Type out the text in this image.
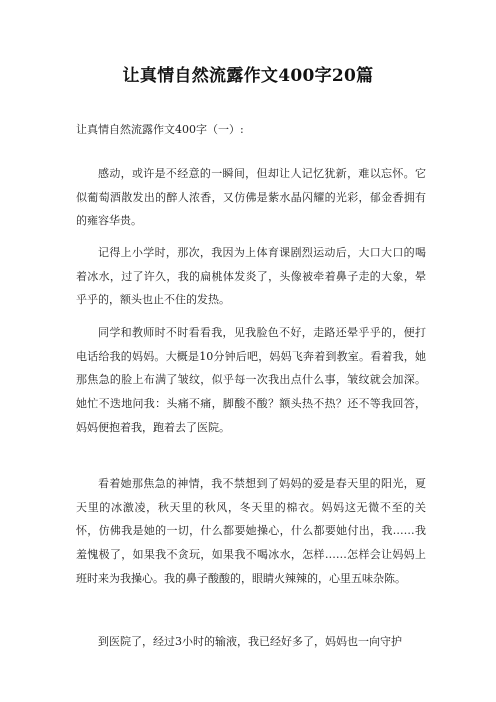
让真情自然流露作文400字20篇
让真情自然流露作文400字（一）:

感动，或许是不经意的一瞬间，但却让人记忆犹新，难以忘怀。它似葡萄酒散发出的醉人浓香，又仿佛是紫水晶闪耀的光彩，郁金香拥有的雍容华贵。

记得上小学时，那次，我因为上体育课剧烈运动后，大口大口的喝着冰水，过了许久，我的扁桃体发炎了，头像被牵着鼻子走的大象，晕乎乎的，额头也止不住的发热。

同学和教师时不时看看我，见我脸色不好，走路还晕乎乎的，便打电话给我的妈妈。大概是10分钟后吧，妈妈飞奔着到教室。看着我，她那焦急的脸上布满了皱纹，似乎每一次我出点什么事，皱纹就会加深。她忙不迭地问我：头痛不痛，脚酸不酸？额头热不热？还不等我回答，妈妈便抱着我，跑着去了医院。

看着她那焦急的神情，我不禁想到了妈妈的爱是春天里的阳光，夏天里的冰激凌，秋天里的秋风，冬天里的棉衣。妈妈这无微不至的关怀，仿佛我是她的一切，什么都要她操心，什么都要她付出，我……我羞愧极了，如果我不贪玩，如果我不喝冰水，怎样……怎样会让妈妈上班时来为我操心。我的鼻子酸酸的，眼睛火辣辣的，心里五味杂陈。

到医院了，经过3小时的输液，我已经好多了，妈妈也一向守护
